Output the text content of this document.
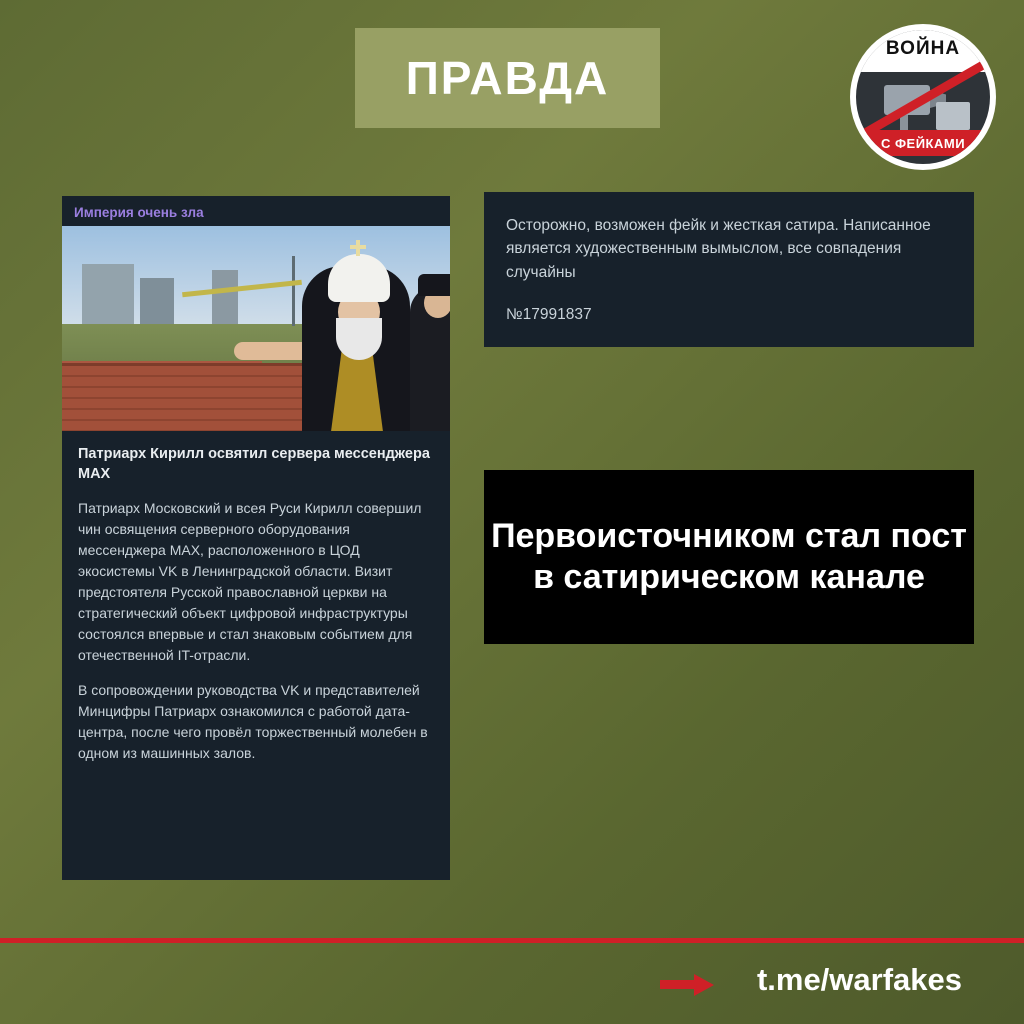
ПРАВДА
ВОЙНА
С ФЕЙКАМИ
Империя очень зла
Патриарх Кирилл освятил сервера мессенджера MAX

Патриарх Московский и всея Руси Кирилл совершил чин освящения серверного оборудования мессенджера MAX, расположенного в ЦОД экосистемы VK в Ленинградской области. Визит предстоятеля Русской православной церкви на стратегический объект цифровой инфраструктуры состоялся впервые и стал знаковым событием для отечественной IT-отрасли.

В сопровождении руководства VK и представителей Минцифры Патриарх ознакомился с работой дата-центра, после чего провёл торжественный молебен в одном из машинных залов.

Осторожно, возможен фейк и жесткая сатира. Написанное является художественным вымыслом, все совпадения случайны
№17991837
Первоисточником стал пост в сатирическом канале
t.me/warfakes
